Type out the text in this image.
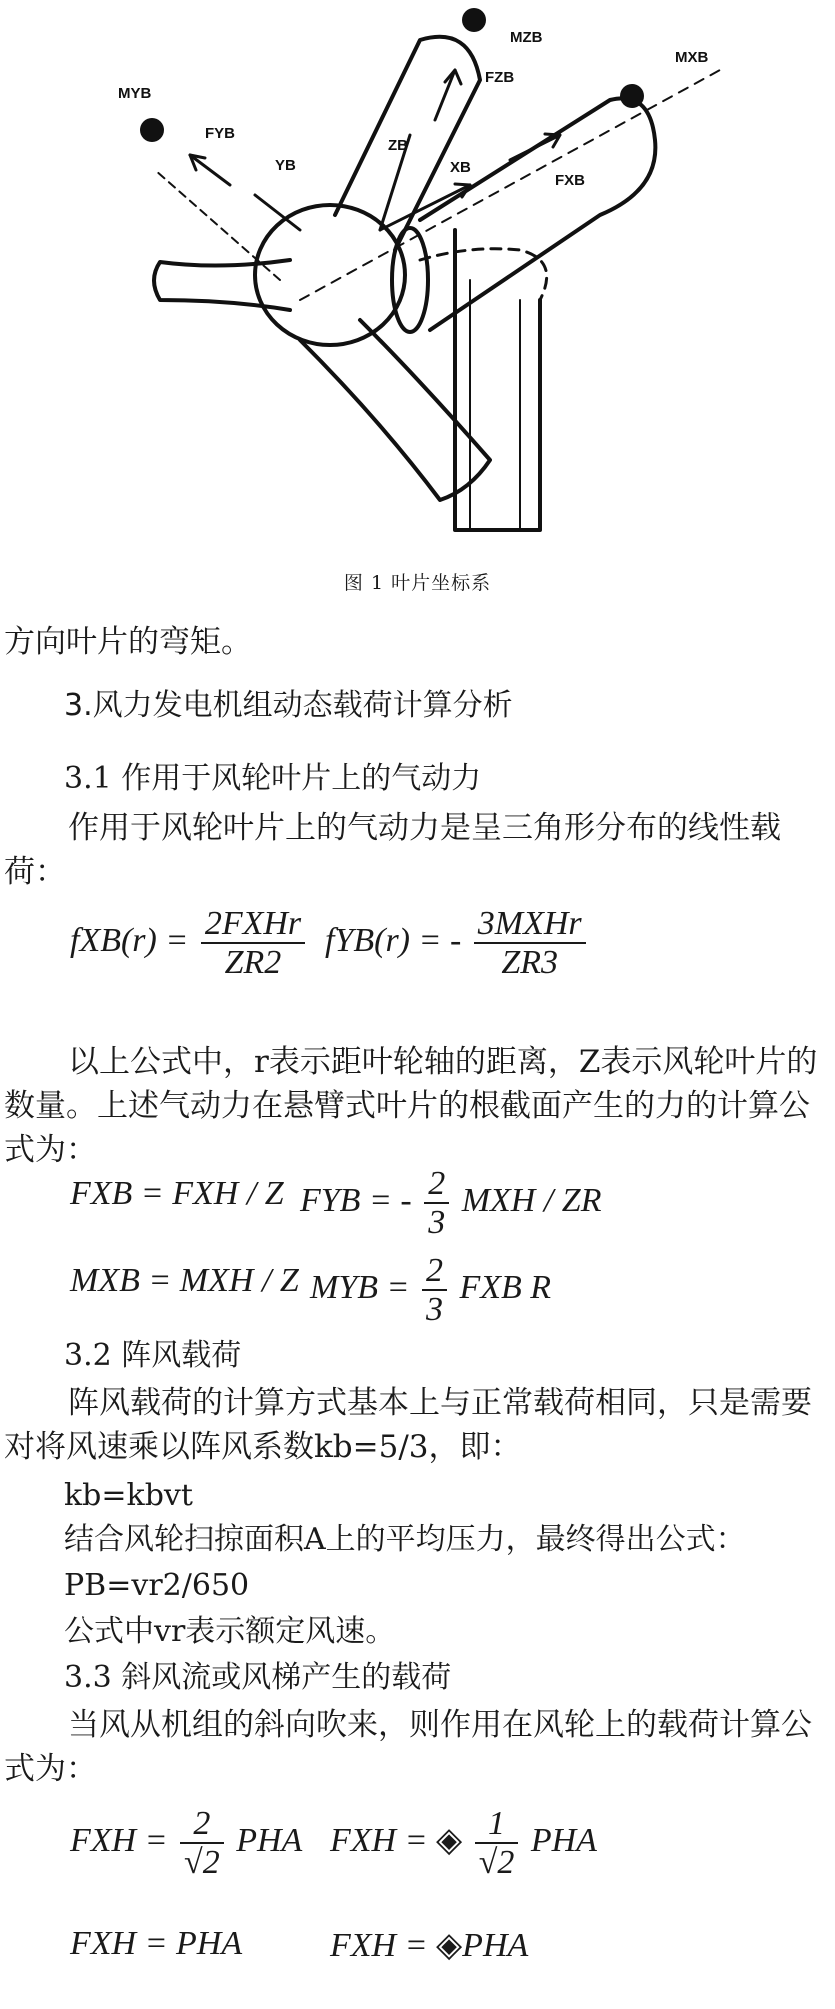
MZB
FZB
MYB
FYB
YB
ZB
MXB
XB
FXB
图 1 叶片坐标系
方向叶片的弯矩。
3.风力发电机组动态载荷计算分析
3.1 作用于风轮叶片上的气动力
作用于风轮叶片上的气动力是呈三角形分布的线性载荷：
$fXB(r) = \frac{\text{2FXHr}}{ZR2} fYB(r)$ = - $\frac{\text{3MXHr}}{ZR3}$
以上公式中，r表示距叶轮轴的距离，Z表示风轮叶片的数量。上述气动力在悬臂式叶片的根截面产生的力的计算公式为：
FXB = FXH / Z FYB = - $\frac{2}{3}$ MXH / ZR
MXB = MXH / Z MYB = $\frac{2}{3}$ FXB R
3.2 阵风载荷
阵风载荷的计算方式基本上与正常载荷相同，只是需要对将风速乘以阵风系数kb=5/3，即：
kb=kbvt
结合风轮扫掠面积A上的平均压力，最终得出公式：
PB=vr2/650
公式中vr表示额定风速。
3.3 斜风流或风梯产生的载荷
当风从机组的斜向吹来，则作用在风轮上的载荷计算公式为：
FXH = $\frac{2}{√2}$ PHA FXH = ◈ $\frac{1}{√2}$ PHA
FXH = PHA	FXH = ◈PHA
